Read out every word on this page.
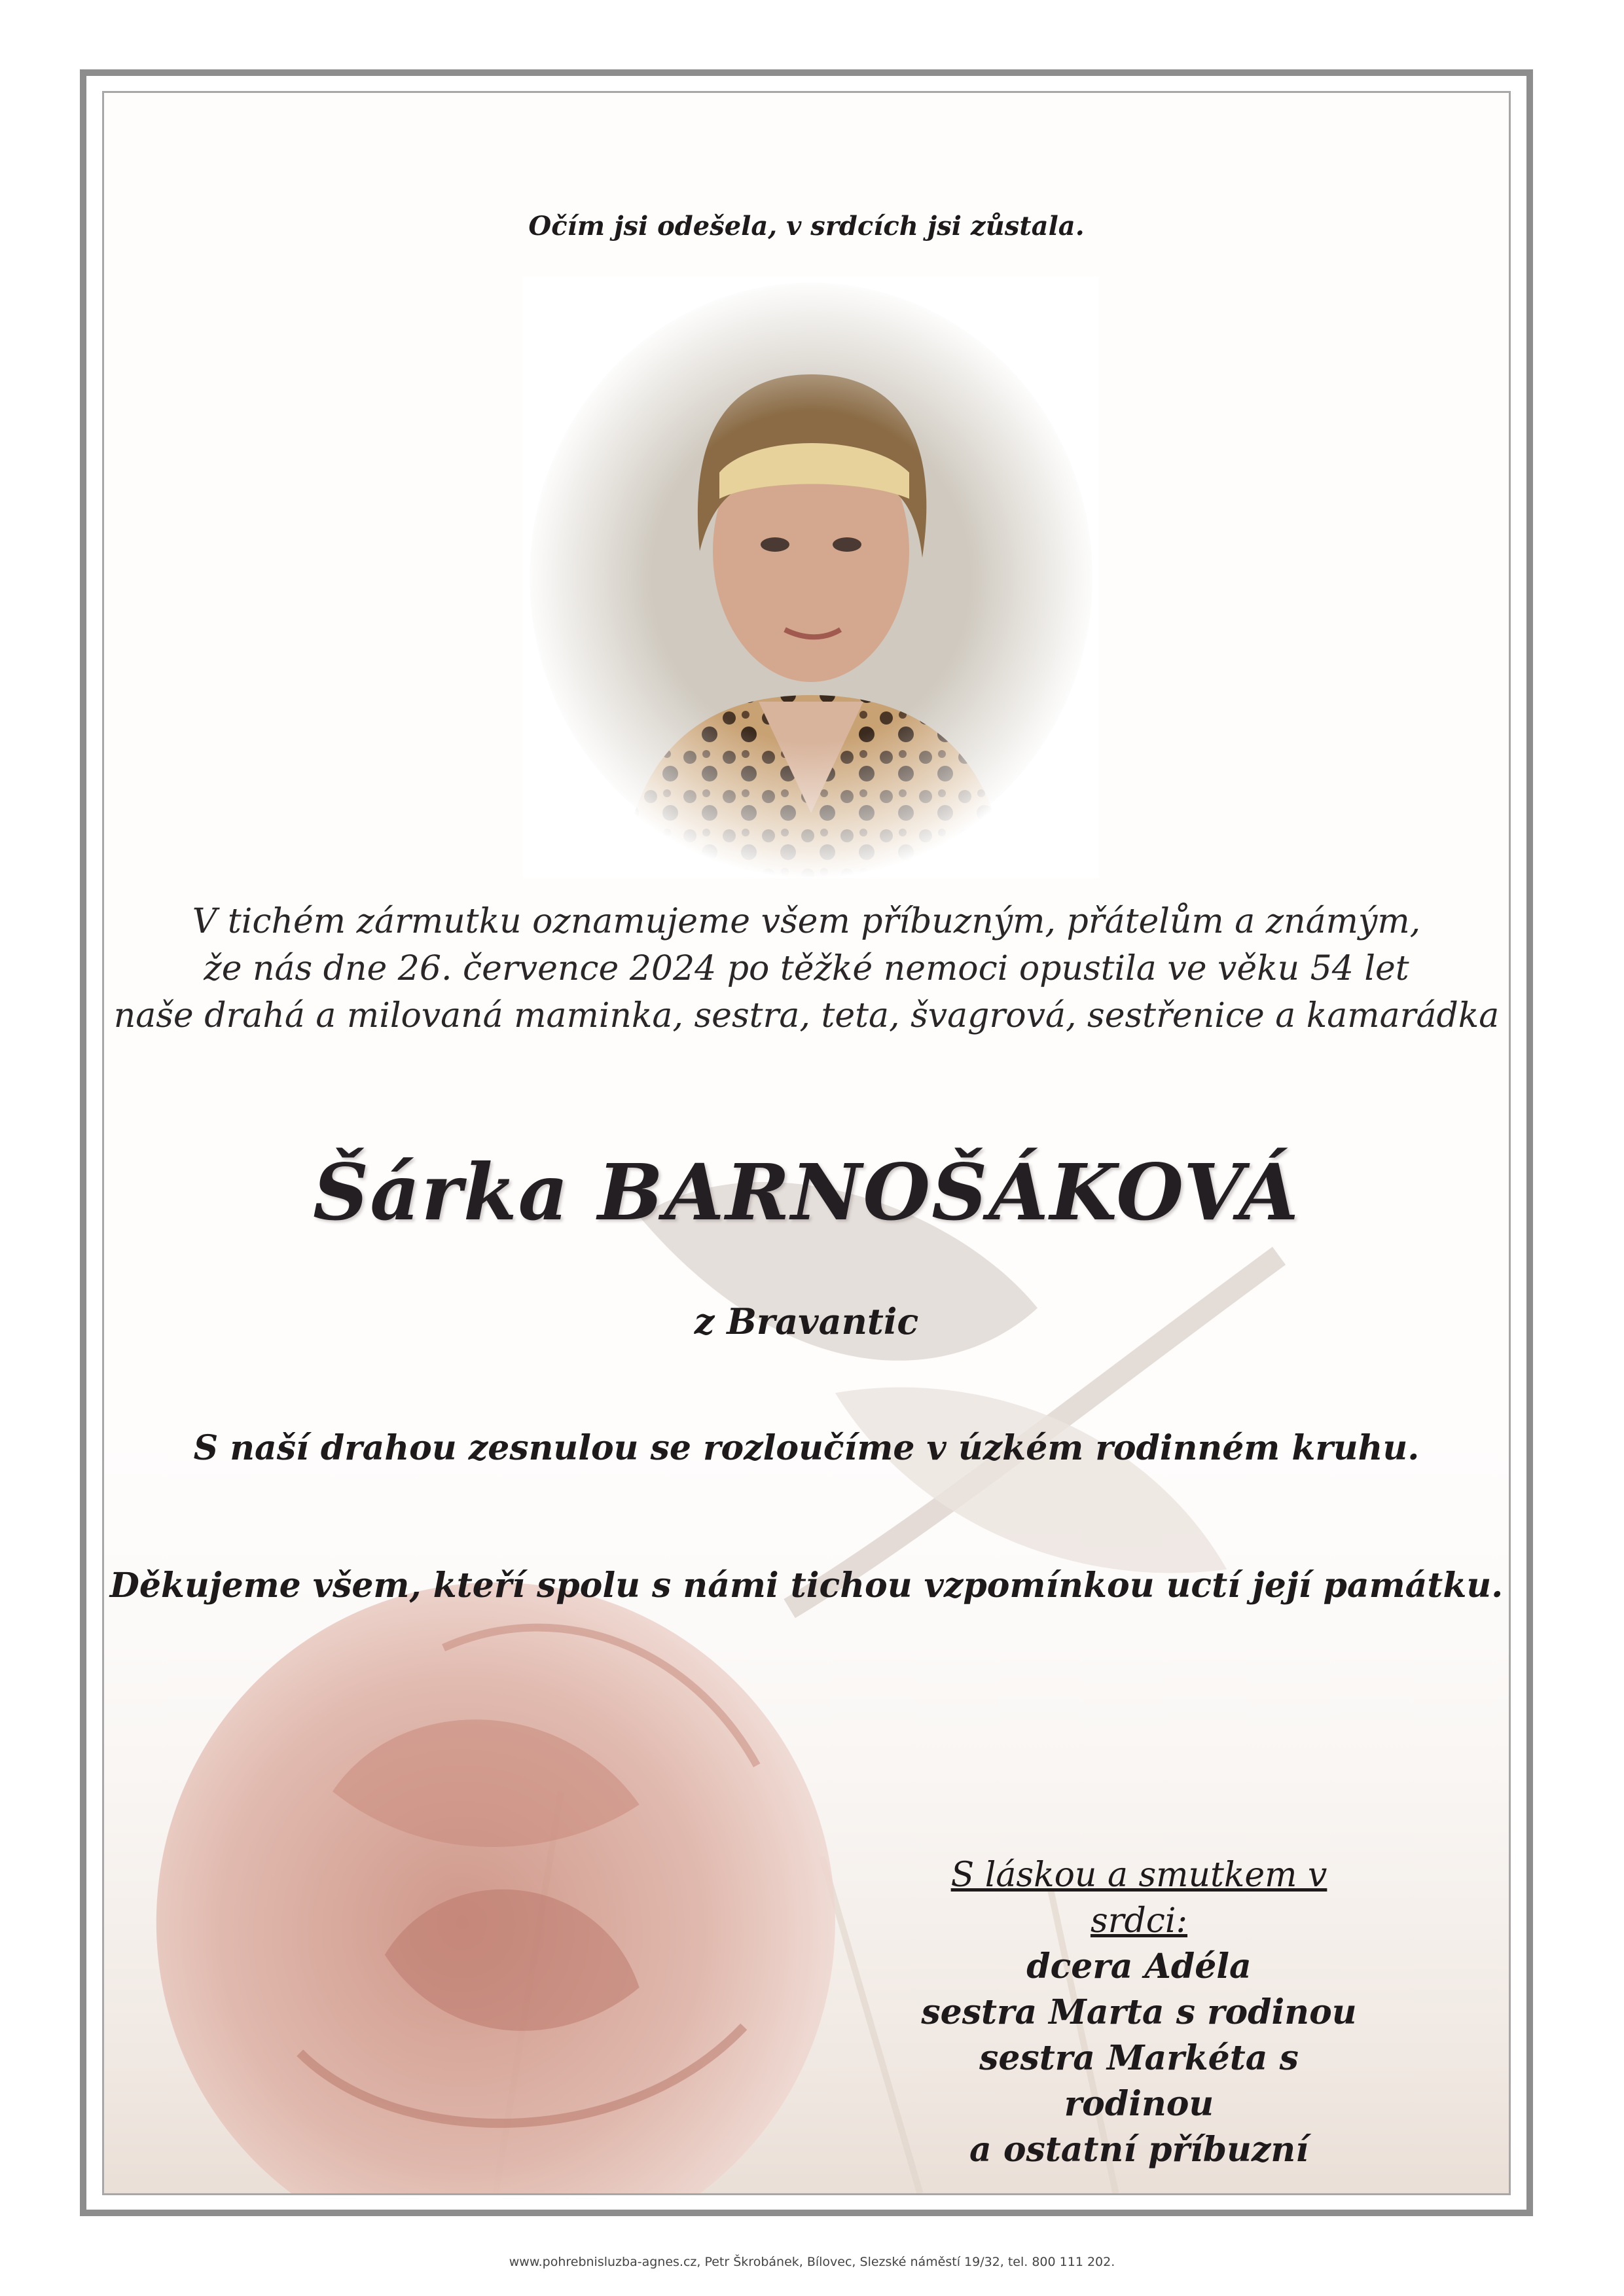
Očím jsi odešela, v srdcích jsi zůstala.
V tichém zármutku oznamujeme všem příbuzným, přátelům a známým,
že nás dne 26. července 2024 po těžké nemoci opustila ve věku 54 let
naše drahá a milovaná maminka, sestra, teta, švagrová, sestřenice a kamarádka
Šárka BARNOŠÁKOVÁ
z Bravantic
S naší drahou zesnulou se rozloučíme v úzkém rodinném kruhu.
Děkujeme všem, kteří spolu s námi tichou vzpomínkou uctí její památku.
S láskou a smutkem v srdci:
dcera Adéla
sestra Marta s rodinou
sestra Markéta s rodinou
a ostatní příbuzní
www.pohrebnisluzba-agnes.cz, Petr Škrobánek, Bílovec, Slezské náměstí 19/32, tel. 800 111 202.
